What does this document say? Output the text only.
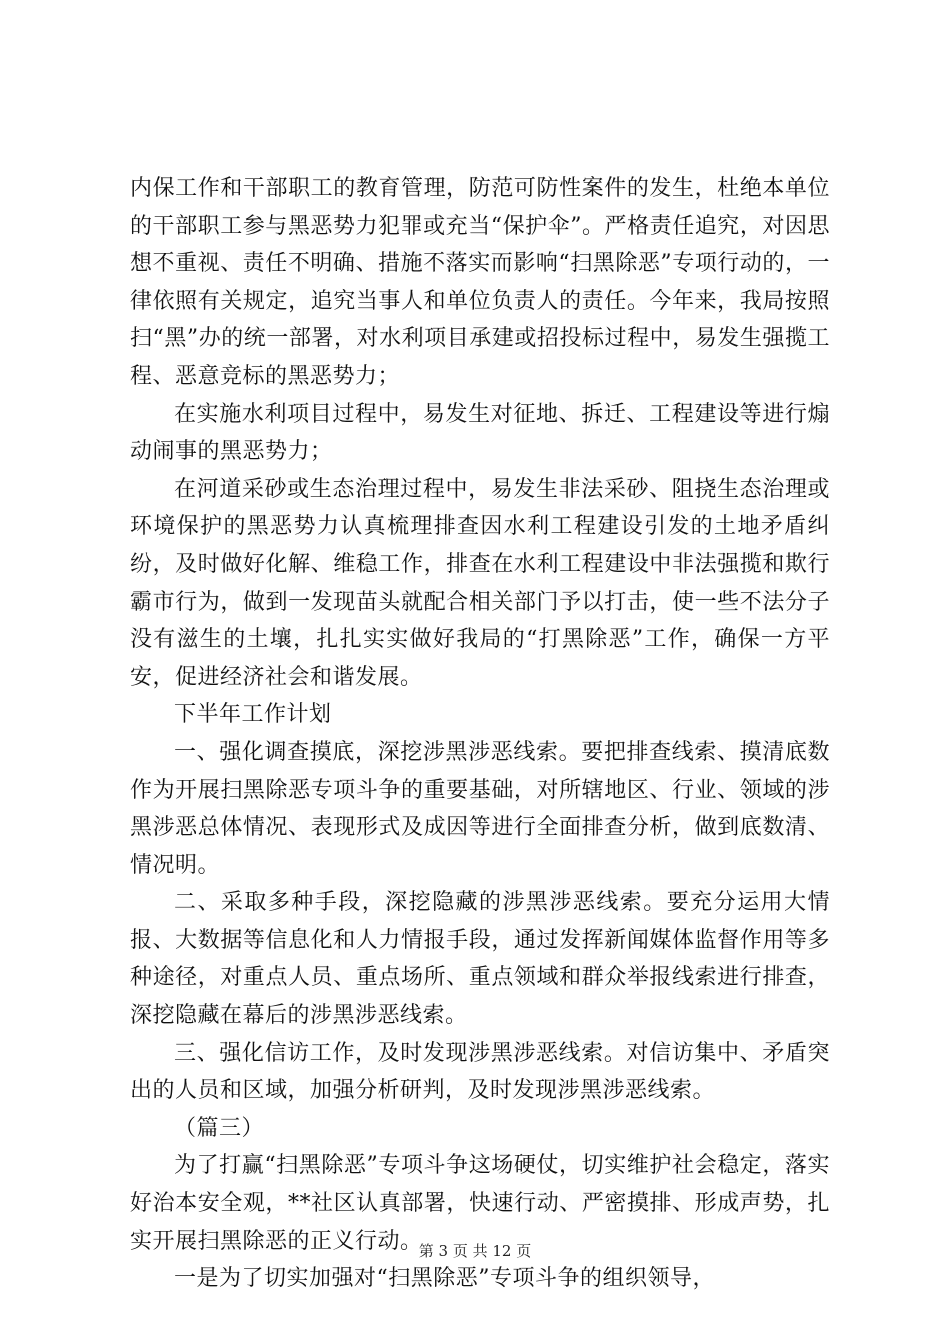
内保工作和干部职工的教育管理，防范可防性案件的发生，杜绝本单位的干部职工参与黑恶势力犯罪或充当“保护伞”。严格责任追究，对因思想不重视、责任不明确、措施不落实而影响“扫黑除恶”专项行动的，一律依照有关规定，追究当事人和单位负责人的责任。今年来，我局按照扫“黑”办的统一部署，对水利项目承建或招投标过程中，易发生强揽工程、恶意竞标的黑恶势力；

在实施水利项目过程中，易发生对征地、拆迁、工程建设等进行煽动闹事的黑恶势力；

在河道采砂或生态治理过程中，易发生非法采砂、阻挠生态治理或环境保护的黑恶势力认真梳理排查因水利工程建设引发的土地矛盾纠纷，及时做好化解、维稳工作，排查在水利工程建设中非法强揽和欺行霸市行为，做到一发现苗头就配合相关部门予以打击，使一些不法分子没有滋生的土壤，扎扎实实做好我局的“打黑除恶”工作，确保一方平安，促进经济社会和谐发展。

下半年工作计划

一、强化调查摸底，深挖涉黑涉恶线索。要把排查线索、摸清底数作为开展扫黑除恶专项斗争的重要基础，对所辖地区、行业、领域的涉黑涉恶总体情况、表现形式及成因等进行全面排查分析，做到底数清、情况明。

二、采取多种手段，深挖隐藏的涉黑涉恶线索。要充分运用大情报、大数据等信息化和人力情报手段，通过发挥新闻媒体监督作用等多种途径，对重点人员、重点场所、重点领域和群众举报线索进行排查，深挖隐藏在幕后的涉黑涉恶线索。

三、强化信访工作，及时发现涉黑涉恶线索。对信访集中、矛盾突出的人员和区域，加强分析研判，及时发现涉黑涉恶线索。

（篇三）

为了打赢“扫黑除恶”专项斗争这场硬仗，切实维护社会稳定，落实好治本安全观，**社区认真部署，快速行动、严密摸排、形成声势，扎实开展扫黑除恶的正义行动。

一是为了切实加强对“扫黑除恶”专项斗争的组织领导，

第 3 页 共 12 页
